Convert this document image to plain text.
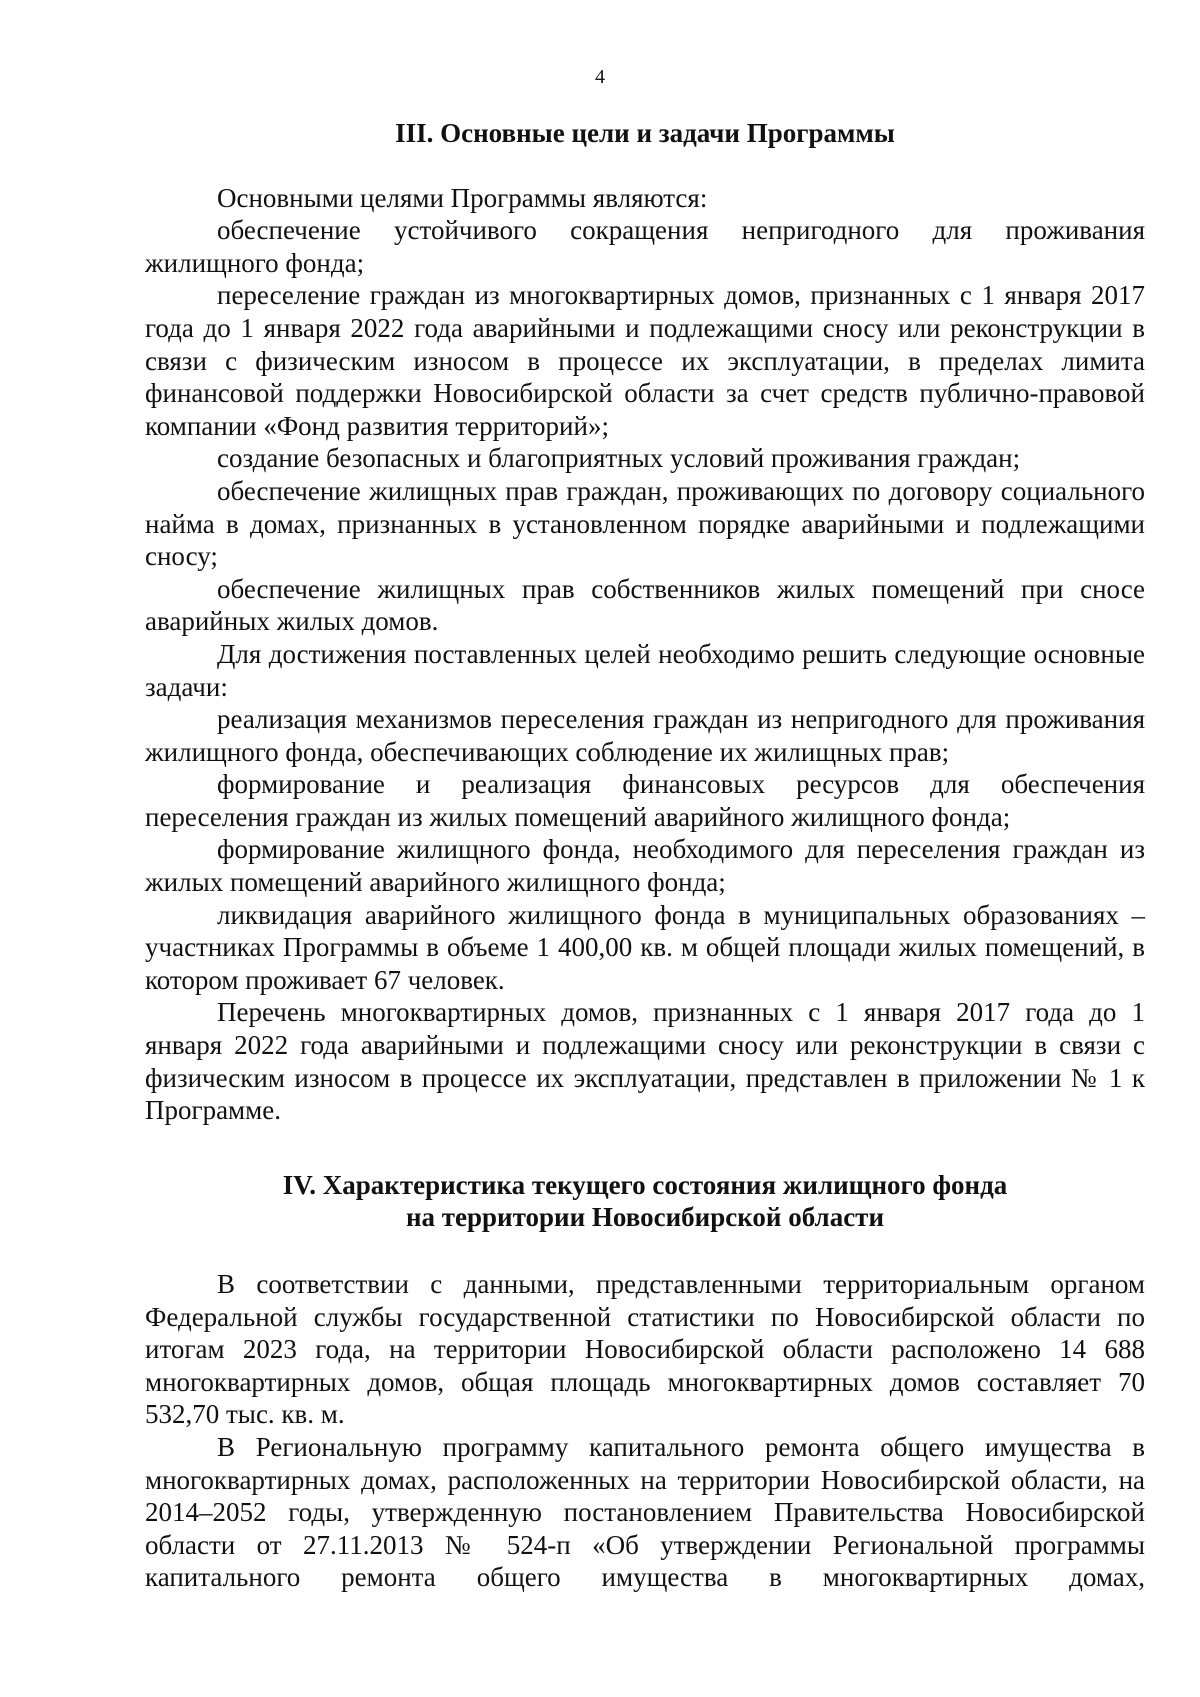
4
III. Основные цели и задачи Программы

Основными целями Программы являются:

обеспечение устойчивого сокращения непригодного для проживания жилищного фонда;

переселение граждан из многоквартирных домов, признанных с 1 января 2017 года до 1 января 2022 года аварийными и подлежащими сносу или реконструкции в связи с физическим износом в процессе их эксплуатации, в пределах лимита финансовой поддержки Новосибирской области за счет средств публично-правовой компании «Фонд развития территорий»;

создание безопасных и благоприятных условий проживания граждан;

обеспечение жилищных прав граждан, проживающих по договору социального найма в домах, признанных в установленном порядке аварийными и подлежащими сносу;

обеспечение жилищных прав собственников жилых помещений при сносе аварийных жилых домов.

Для достижения поставленных целей необходимо решить следующие основные задачи:

реализация механизмов переселения граждан из непригодного для проживания жилищного фонда, обеспечивающих соблюдение их жилищных прав;

формирование и реализация финансовых ресурсов для обеспечения переселения граждан из жилых помещений аварийного жилищного фонда;

формирование жилищного фонда, необходимого для переселения граждан из жилых помещений аварийного жилищного фонда;

ликвидация аварийного жилищного фонда в муниципальных образованиях – участниках Программы в объеме 1 400,00 кв. м общей площади жилых помещений, в котором проживает 67 человек.

Перечень многоквартирных домов, признанных с 1 января 2017 года до 1 января 2022 года аварийными и подлежащими сносу или реконструкции в связи с физическим износом в процессе их эксплуатации, представлен в приложении № 1 к Программе.

IV. Характеристика текущего состояния жилищного фонда
на территории Новосибирской области

В соответствии с данными, представленными территориальным органом Федеральной службы государственной статистики по Новосибирской области по итогам 2023 года, на территории Новосибирской области расположено 14 688 многоквартирных домов, общая площадь многоквартирных домов составляет 70 532,70 тыс. кв. м.

В Региональную программу капитального ремонта общего имущества в многоквартирных домах, расположенных на территории Новосибирской области, на 2014–2052 годы, утвержденную постановлением Правительства Новосибирской области от 27.11.2013 № 524-п «Об утверждении Региональной программы капитального ремонта общего имущества в многоквартирных домах,
